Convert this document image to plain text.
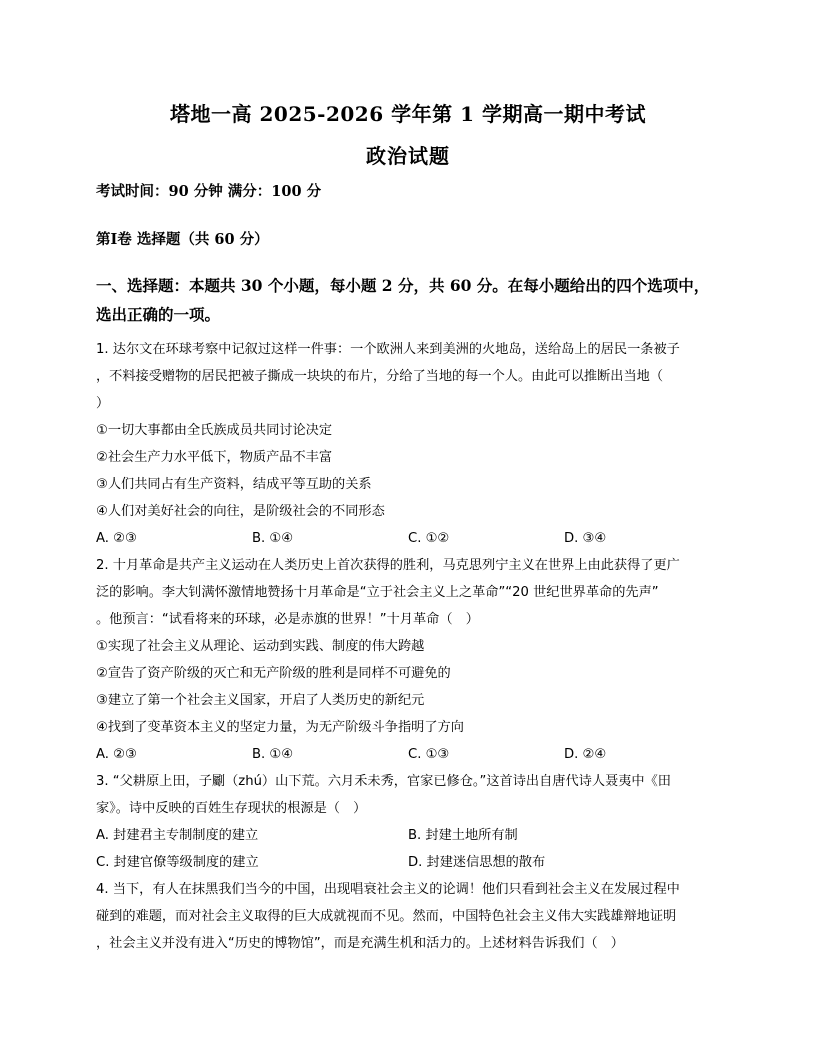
塔地一高 2025-2026 学年第 1 学期高一期中考试
政治试题
考试时间：90 分钟 满分：100 分
第Ⅰ卷 选择题（共 60 分）
一、选择题：本题共 30 个小题，每小题 2 分，共 60 分。在每小题给出的四个选项中，
选出正确的一项。
1. 达尔文在环球考察中记叙过这样一件事：一个欧洲人来到美洲的火地岛，送给岛上的居民一条被子
，不料接受赠物的居民把被子撕成一块块的布片，分给了当地的每一个人。由此可以推断出当地（
）
①一切大事都由全氏族成员共同讨论决定
②社会生产力水平低下，物质产品不丰富
③人们共同占有生产资料，结成平等互助的关系
④人们对美好社会的向往，是阶级社会的不同形态
A. ②③	B. ①④	C. ①②	D. ③④
2. 十月革命是共产主义运动在人类历史上首次获得的胜利，马克思列宁主义在世界上由此获得了更广
泛的影响。李大钊满怀激情地赞扬十月革命是“立于社会主义上之革命”“20 世纪世界革命的先声”
。他预言：“试看将来的环球，必是赤旗的世界！”十月革命（　）
①实现了社会主义从理论、运动到实践、制度的伟大跨越
②宣告了资产阶级的灭亡和无产阶级的胜利是同样不可避免的
③建立了第一个社会主义国家，开启了人类历史的新纪元
④找到了变革资本主义的坚定力量，为无产阶级斗争指明了方向
A. ②③	B. ①④	C. ①③	D. ②④
3. “父耕原上田，子劚（zhú）山下荒。六月禾未秀，官家已修仓。”这首诗出自唐代诗人聂夷中《田
家》。诗中反映的百姓生存现状的根源是（　）
A. 封建君主专制制度的建立	B. 封建土地所有制
C. 封建官僚等级制度的建立	D. 封建迷信思想的散布
4. 当下，有人在抹黑我们当今的中国，出现唱衰社会主义的论调！他们只看到社会主义在发展过程中
碰到的难题，而对社会主义取得的巨大成就视而不见。然而，中国特色社会主义伟大实践雄辩地证明
，社会主义并没有进入“历史的博物馆”，而是充满生机和活力的。上述材料告诉我们（　）
